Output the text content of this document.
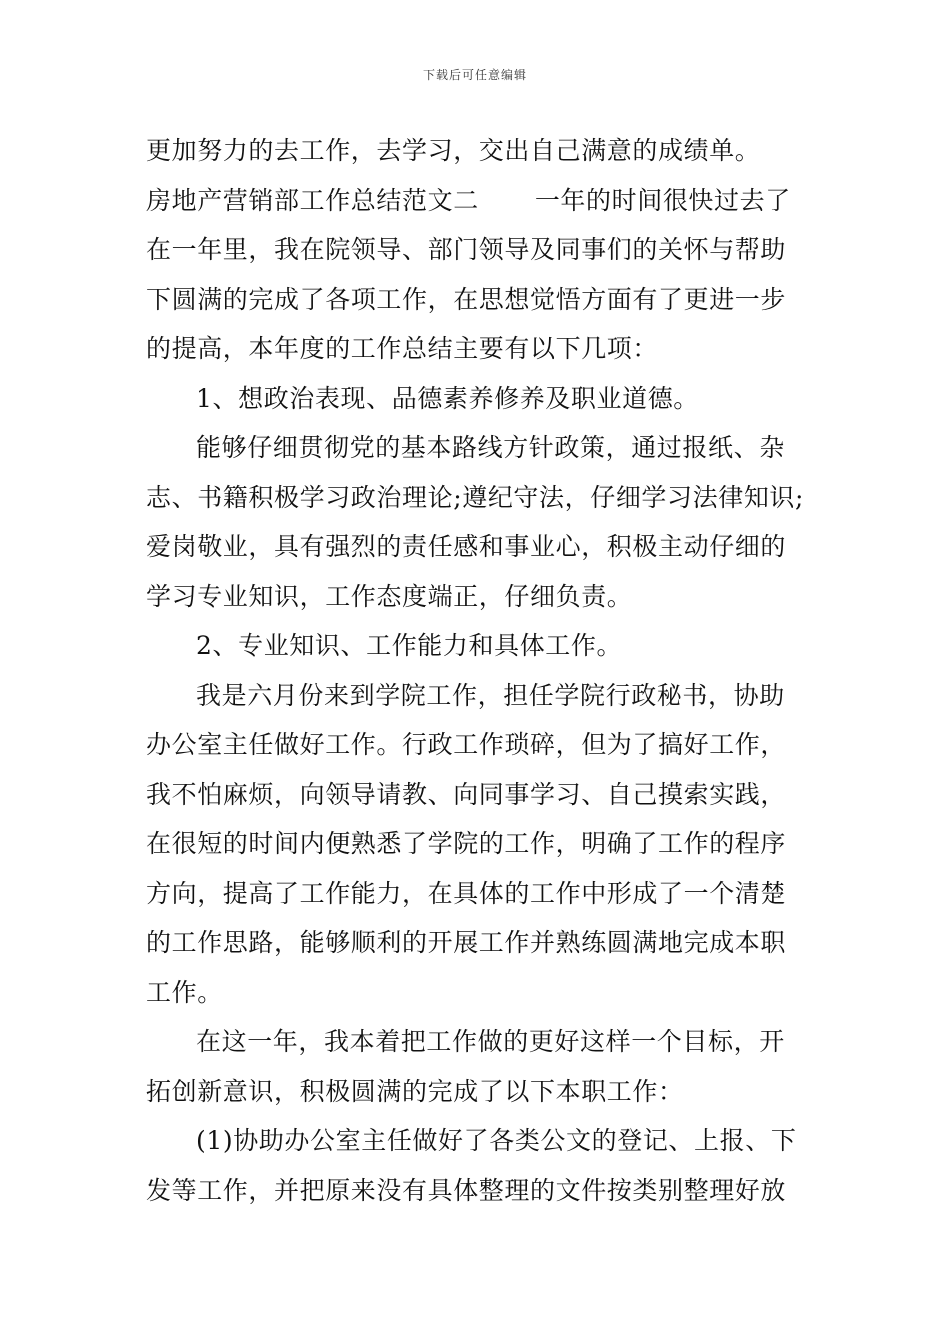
下载后可任意编辑
更加努力的去工作，去学习，交出自己满意的成绩单。
房地产营销部工作总结范文二 一年的时间很快过去了
在一年里，我在院领导、部门领导及同事们的关怀与帮助
下圆满的完成了各项工作，在思想觉悟方面有了更进一步
的提高，本年度的工作总结主要有以下几项：
1、想政治表现、品德素养修养及职业道德。
能够仔细贯彻党的基本路线方针政策，通过报纸、杂
志、书籍积极学习政治理论;遵纪守法，仔细学习法律知识;
爱岗敬业，具有强烈的责任感和事业心，积极主动仔细的
学习专业知识，工作态度端正，仔细负责。
2、专业知识、工作能力和具体工作。
我是六月份来到学院工作，担任学院行政秘书，协助
办公室主任做好工作。行政工作琐碎，但为了搞好工作，
我不怕麻烦，向领导请教、向同事学习、自己摸索实践，
在很短的时间内便熟悉了学院的工作，明确了工作的程序
方向，提高了工作能力，在具体的工作中形成了一个清楚
的工作思路，能够顺利的开展工作并熟练圆满地完成本职
工作。
在这一年，我本着把工作做的更好这样一个目标，开
拓创新意识，积极圆满的完成了以下本职工作：
(1)协助办公室主任做好了各类公文的登记、上报、下
发等工作，并把原来没有具体整理的文件按类别整理好放
